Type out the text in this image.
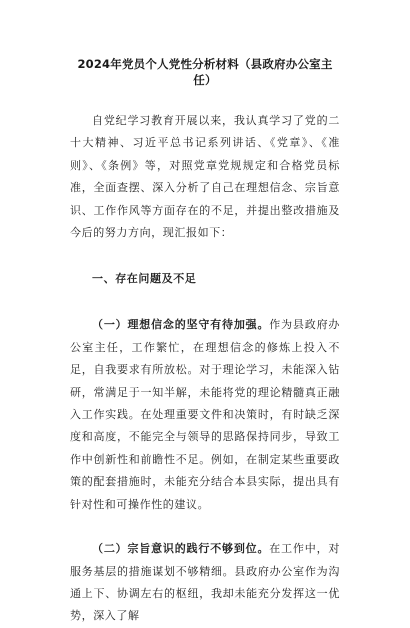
2024年党员个人党性分析材料（县政府办公室主任）

自党纪学习教育开展以来，我认真学习了党的二十大精神、习近平总书记系列讲话、《党章》、《准则》、《条例》等，对照党章党规规定和合格党员标准，全面查摆、深入分析了自己在理想信念、宗旨意识、工作作风等方面存在的不足，并提出整改措施及今后的努力方向，现汇报如下：

一、存在问题及不足

（一）理想信念的坚守有待加强。作为县政府办公室主任，工作繁忙，在理想信念的修炼上投入不足，自我要求有所放松。对于理论学习，未能深入钻研，常满足于一知半解，未能将党的理论精髓真正融入工作实践。在处理重要文件和决策时，有时缺乏深度和高度，不能完全与领导的思路保持同步，导致工作中创新性和前瞻性不足。例如，在制定某些重要政策的配套措施时，未能充分结合本县实际，提出具有针对性和可操作性的建议。

（二）宗旨意识的践行不够到位。在工作中，对服务基层的措施谋划不够精细。县政府办公室作为沟通上下、协调左右的枢纽，我却未能充分发挥这一优势，深入了解
